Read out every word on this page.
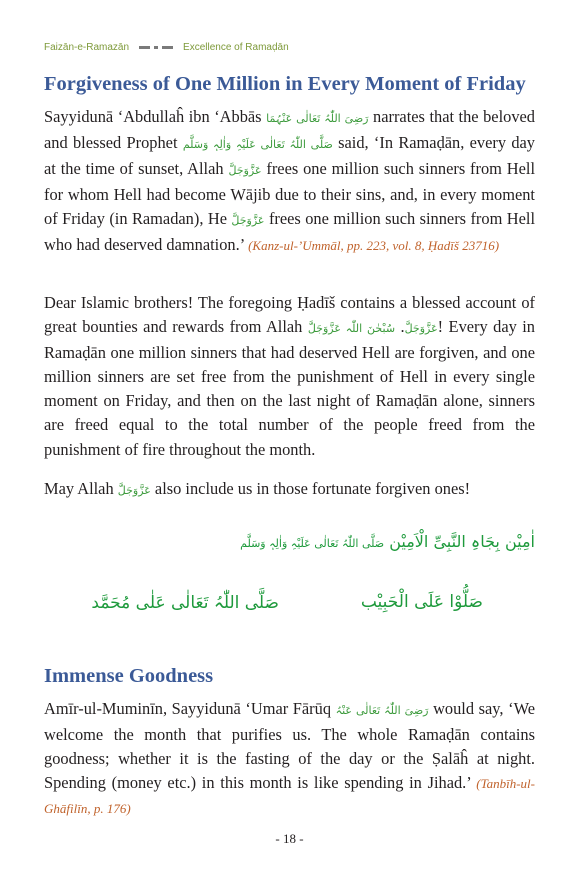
Faizān-e-Ramazān	Excellence of Ramaḍān
Forgiveness of One Million in Every Moment of Friday

Sayyidunā ‘Abdullaĥ ibn ‘Abbās رَضِیَ اللّٰہُ تَعَالٰی عَنْہُمَا narrates that the beloved and blessed Prophet صَلَّی اللّٰہُ تَعَالٰی عَلَیْہِ وَاٰلِہٖ وَسَلَّم said, ‘In Ramaḍān, every day at the time of sunset, Allah عَزَّوَجَلَّ frees one million such sinners from Hell for whom Hell had become Wājib due to their sins, and, in every moment of Friday (in Ramadan), He عَزَّوَجَلَّ frees one million such sinners from Hell who had deserved damnation.’ (Kanz-ul-’Ummāl, pp. 223, vol. 8, Ḥadīš 23716)

Dear Islamic brothers! The foregoing Ḥadīš contains a blessed account of great bounties and rewards from Allah	عَزَّوَجَلَّ. سُبْحٰنَ اللّٰہ عَزَّوَجَلَّ	! Every day in Ramaḍān one million sinners that had deserved Hell are forgiven, and one million sinners are set free from the punishment of Hell in every single moment on Friday, and then on the last night of Ramaḍān alone, sinners are freed equal to the total number of the people freed from the punishment of fire throughout the month.

May Allah عَزَّوَجَلَّ also include us in those fortunate forgiven ones!

اٰمِیْن بِجَاہِ النَّبِیِّ الْاَمِیْن صَلَّی اللّٰہُ تَعَالٰی عَلَیْہِ وَاٰلِہٖ وَسَلَّم
صَلُّوْا عَلَی الْحَبِیْب
صَلَّی اللّٰہُ تَعَالٰی عَلٰی مُحَمَّد
Immense Goodness

Amīr-ul-Muminīn, Sayyidunā ‘Umar Fārūq رَضِیَ اللّٰہُ تَعَالٰی عَنْہُ would say, ‘We welcome the month that purifies us. The whole Ramaḍān contains goodness; whether it is the fasting of the day or the Ṣalāĥ at night. Spending (money etc.) in this month is like spending in Jihad.’ (Tanbīh-ul-Ghāfilīn, p. 176)

- 18 -
